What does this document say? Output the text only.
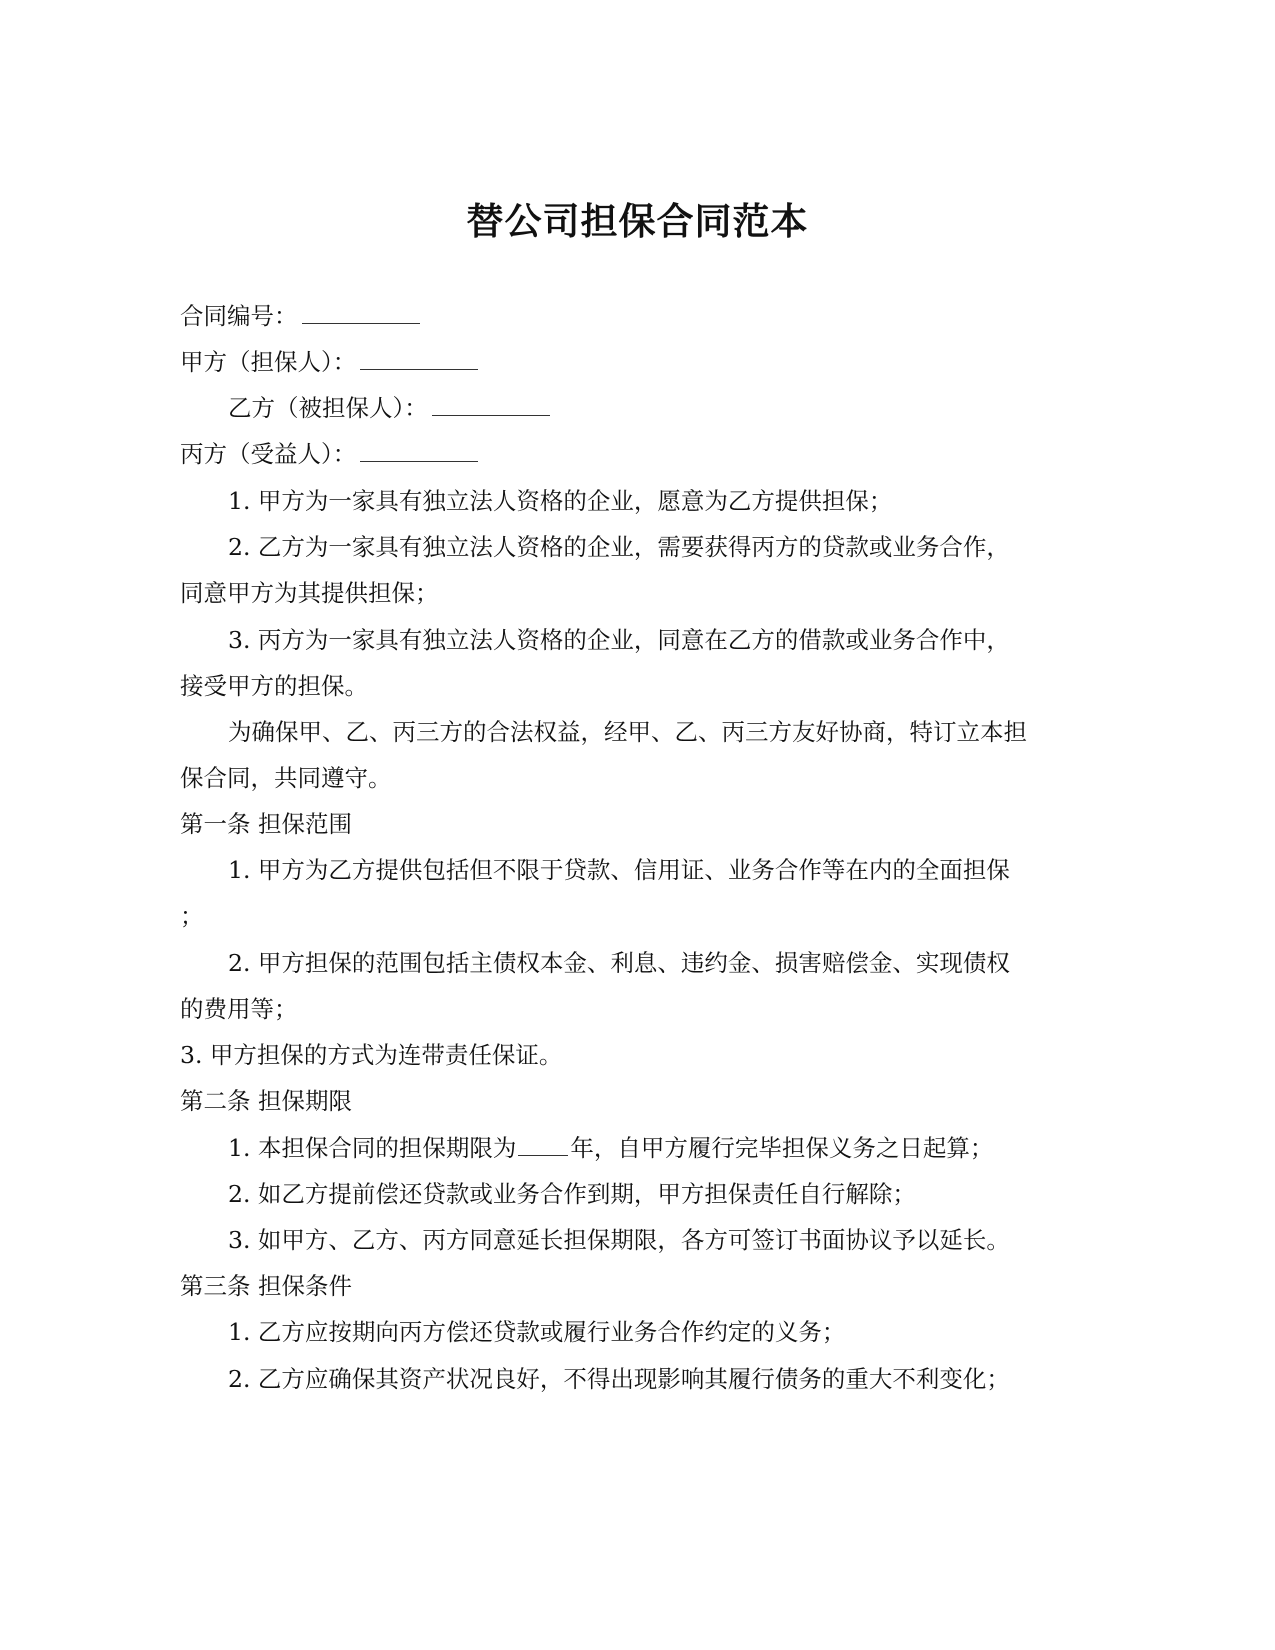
替公司担保合同范本
合同编号：
甲方（担保人）：
乙方（被担保人）：
丙方（受益人）：
1. 甲方为一家具有独立法人资格的企业，愿意为乙方提供担保；
2. 乙方为一家具有独立法人资格的企业，需要获得丙方的贷款或业务合作，
同意甲方为其提供担保；
3. 丙方为一家具有独立法人资格的企业，同意在乙方的借款或业务合作中，
接受甲方的担保。
为确保甲、乙、丙三方的合法权益，经甲、乙、丙三方友好协商，特订立本担
保合同，共同遵守。
第一条 担保范围
1. 甲方为乙方提供包括但不限于贷款、信用证、业务合作等在内的全面担保
；
2. 甲方担保的范围包括主债权本金、利息、违约金、损害赔偿金、实现债权
的费用等；
3. 甲方担保的方式为连带责任保证。
第二条 担保期限
1. 本担保合同的担保期限为 年，自甲方履行完毕担保义务之日起算；
2. 如乙方提前偿还贷款或业务合作到期，甲方担保责任自行解除；
3. 如甲方、乙方、丙方同意延长担保期限，各方可签订书面协议予以延长。
第三条 担保条件
1. 乙方应按期向丙方偿还贷款或履行业务合作约定的义务；
2. 乙方应确保其资产状况良好，不得出现影响其履行债务的重大不利变化；
